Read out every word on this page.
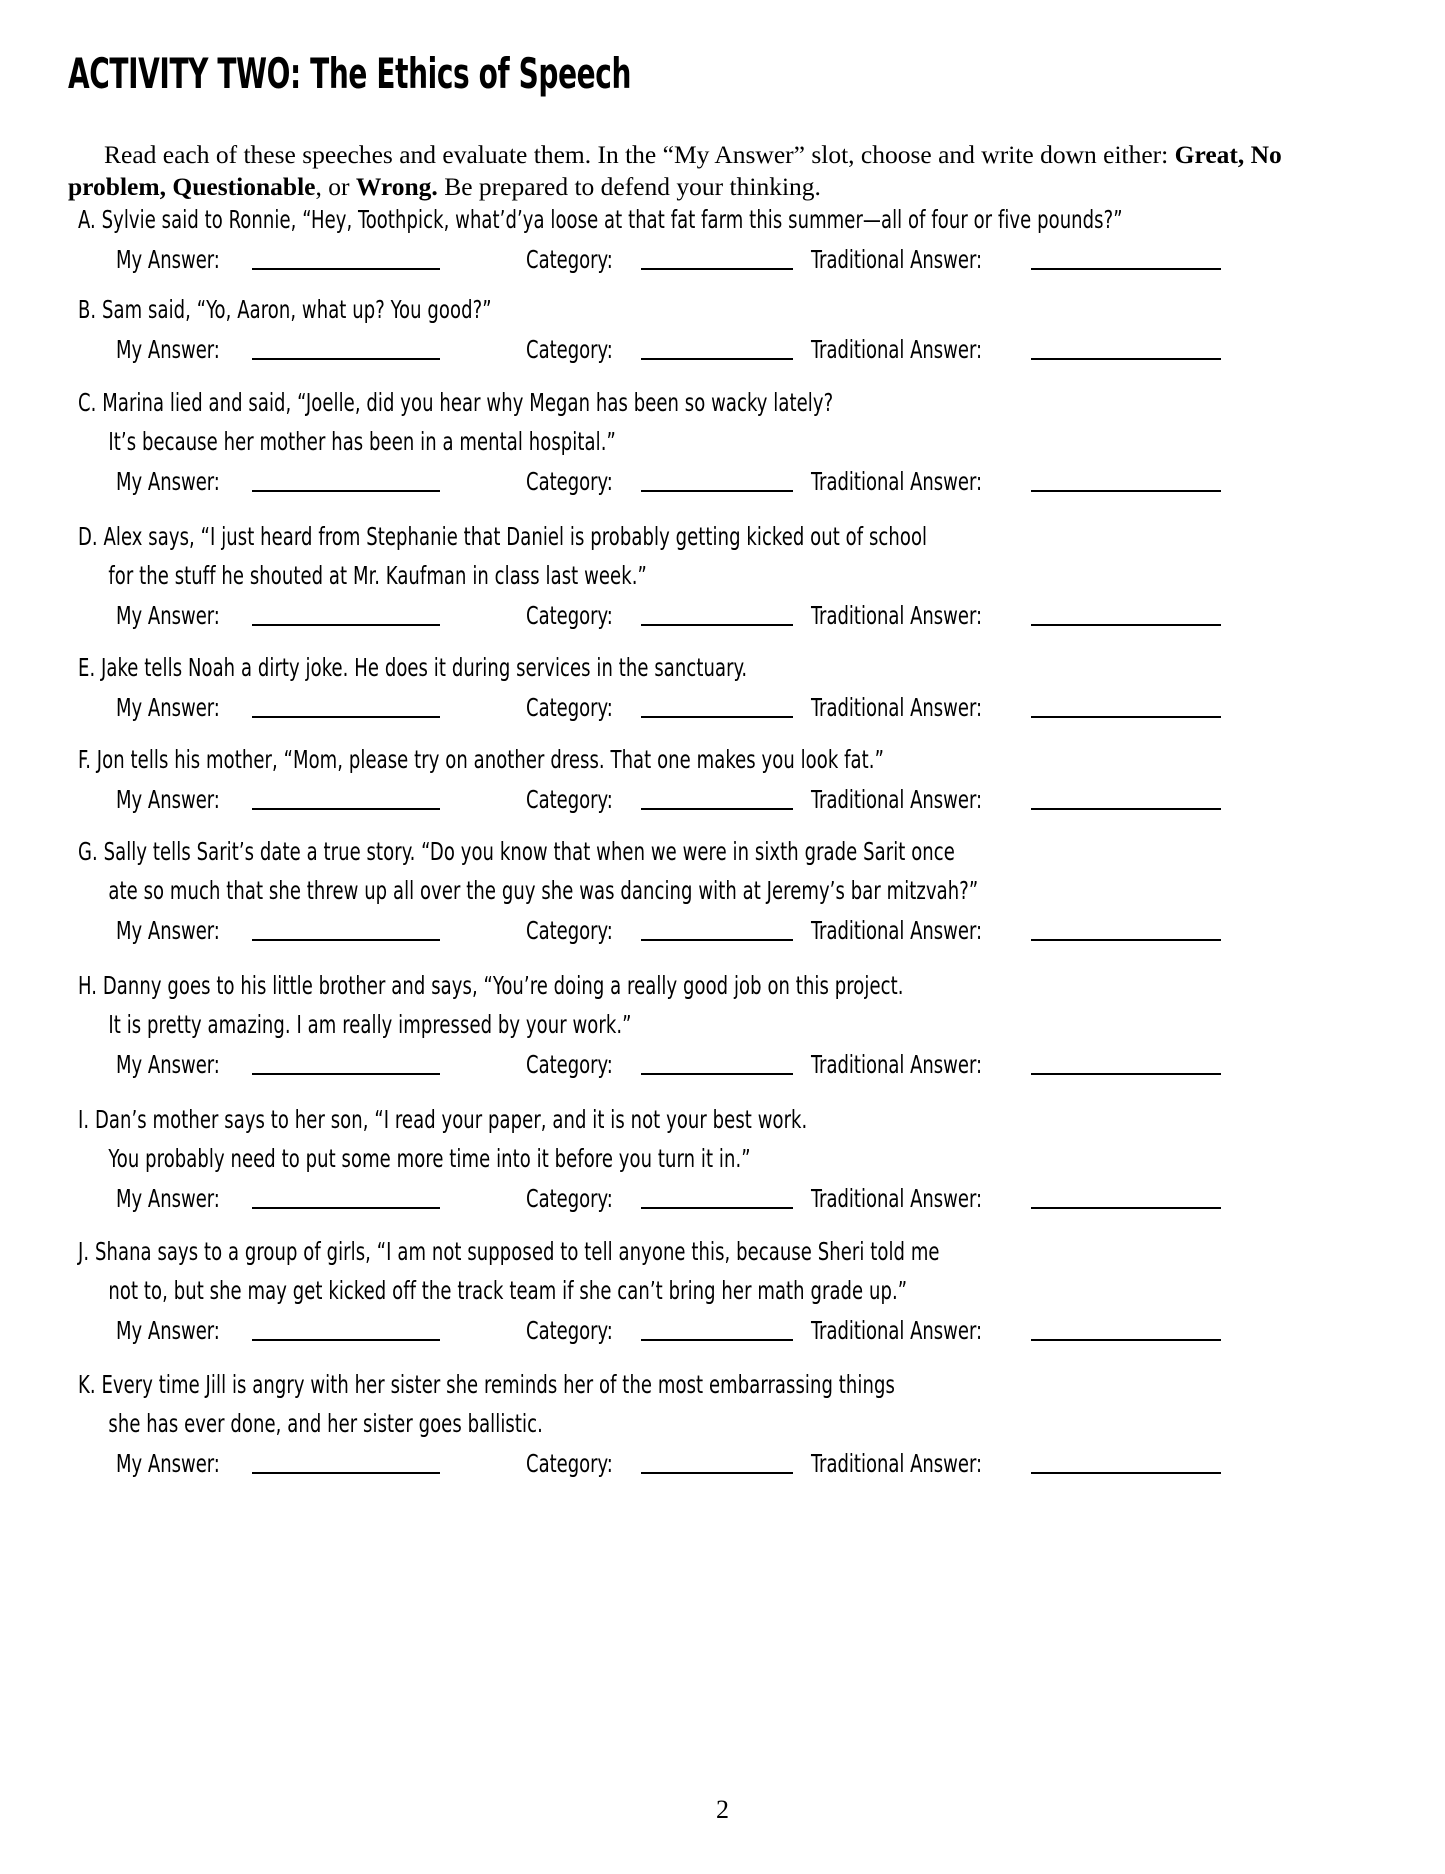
ACTIVITY TWO: The Ethics of Speech

Read each of these speeches and evaluate them. In the “My Answer” slot, choose and write down either: Great, No problem, Questionable, or Wrong. Be prepared to defend your thinking.

A. Sylvie said to Ronnie, “Hey, Toothpick, what’d’ya loose at that fat farm this summer—all of four or five pounds?”
My Answer:	Category:	Traditional Answer:
B. Sam said, “Yo, Aaron, what up? You good?”
My Answer:	Category:	Traditional Answer:
C. Marina lied and said, “Joelle, did you hear why Megan has been so wacky lately?
It’s because her mother has been in a mental hospital.”
My Answer:	Category:	Traditional Answer:
D. Alex says, “I just heard from Stephanie that Daniel is probably getting kicked out of school
for the stuff he shouted at Mr. Kaufman in class last week.”
My Answer:	Category:	Traditional Answer:
E. Jake tells Noah a dirty joke. He does it during services in the sanctuary.
My Answer:	Category:	Traditional Answer:
F. Jon tells his mother, “Mom, please try on another dress. That one makes you look fat.”
My Answer:	Category:	Traditional Answer:
G. Sally tells Sarit’s date a true story. “Do you know that when we were in sixth grade Sarit once
ate so much that she threw up all over the guy she was dancing with at Jeremy’s bar mitzvah?”
My Answer:	Category:	Traditional Answer:
H. Danny goes to his little brother and says, “You’re doing a really good job on this project.
It is pretty amazing. I am really impressed by your work.”
My Answer:	Category:	Traditional Answer:
I. Dan’s mother says to her son, “I read your paper, and it is not your best work.
You probably need to put some more time into it before you turn it in.”
My Answer:	Category:	Traditional Answer:
J. Shana says to a group of girls, “I am not supposed to tell anyone this, because Sheri told me
not to, but she may get kicked off the track team if she can’t bring her math grade up.”
My Answer:	Category:	Traditional Answer:
K. Every time Jill is angry with her sister she reminds her of the most embarrassing things
she has ever done, and her sister goes ballistic.
My Answer:	Category:	Traditional Answer:
2
